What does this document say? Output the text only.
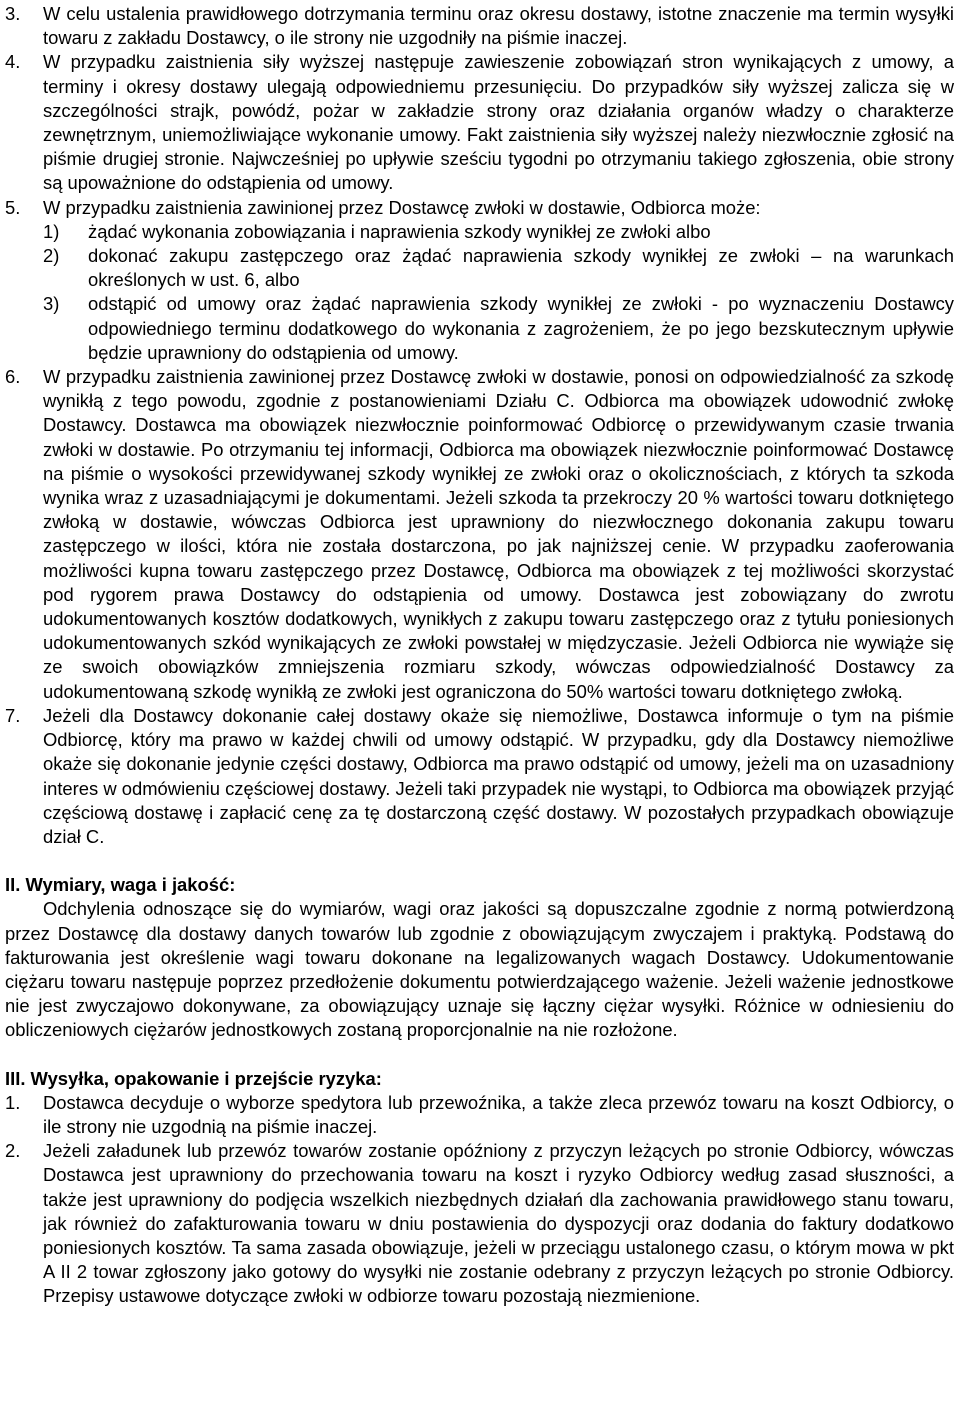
3.	W celu ustalenia prawidłowego dotrzymania terminu oraz okresu dostawy, istotne znaczenie ma termin wysyłki towaru z zakładu Dostawcy, o ile strony nie uzgodniły na piśmie inaczej.
4.	W przypadku zaistnienia siły wyższej następuje zawieszenie zobowiązań stron wynikających z umowy, a terminy i okresy dostawy ulegają odpowiedniemu przesunięciu. Do przypadków siły wyższej zalicza się w szczególności strajk, powódź, pożar w zakładzie strony oraz działania organów władzy o charakterze zewnętrznym, uniemożliwiające wykonanie umowy. Fakt zaistnienia siły wyższej należy niezwłocznie zgłosić na piśmie drugiej stronie. Najwcześniej po upływie sześciu tygodni po otrzymaniu takiego zgłoszenia, obie strony są upoważnione do odstąpienia od umowy.
5.	W przypadku zaistnienia zawinionej przez Dostawcę zwłoki w dostawie, Odbiorca może:
1)	żądać wykonania zobowiązania i naprawienia szkody wynikłej ze zwłoki albo
2)	dokonać zakupu zastępczego oraz żądać naprawienia szkody wynikłej ze zwłoki – na warunkach określonych w ust. 6, albo
3)	odstąpić od umowy oraz żądać naprawienia szkody wynikłej ze zwłoki - po wyznaczeniu Dostawcy odpowiedniego terminu dodatkowego do wykonania z zagrożeniem, że po jego bezskutecznym upływie będzie uprawniony do odstąpienia od umowy.
6.	W przypadku zaistnienia zawinionej przez Dostawcę zwłoki w dostawie, ponosi on odpowiedzialność za szkodę wynikłą z tego powodu, zgodnie z postanowieniami Działu C. Odbiorca ma obowiązek udowodnić zwłokę Dostawcy. Dostawca ma obowiązek niezwłocznie poinformować Odbiorcę o przewidywanym czasie trwania zwłoki w dostawie. Po otrzymaniu tej informacji, Odbiorca ma obowiązek niezwłocznie poinformować Dostawcę na piśmie o wysokości przewidywanej szkody wynikłej ze zwłoki oraz o okolicznościach, z których ta szkoda wynika wraz z uzasadniającymi je dokumentami. Jeżeli szkoda ta przekroczy 20 % wartości towaru dotkniętego zwłoką w dostawie, wówczas Odbiorca jest uprawniony do niezwłocznego dokonania zakupu towaru zastępczego w ilości, która nie została dostarczona, po jak najniższej cenie. W przypadku zaoferowania możliwości kupna towaru zastępczego przez Dostawcę, Odbiorca ma obowiązek z tej możliwości skorzystać pod rygorem prawa Dostawcy do odstąpienia od umowy. Dostawca jest zobowiązany do zwrotu udokumentowanych kosztów dodatkowych, wynikłych z zakupu towaru zastępczego oraz z tytułu poniesionych udokumentowanych szkód wynikających ze zwłoki powstałej w międzyczasie. Jeżeli Odbiorca nie wywiąże się ze swoich obowiązków zmniejszenia rozmiaru szkody, wówczas odpowiedzialność Dostawcy za udokumentowaną szkodę wynikłą ze zwłoki jest ograniczona do 50% wartości towaru dotkniętego zwłoką.
7.	Jeżeli dla Dostawcy dokonanie całej dostawy okaże się niemożliwe, Dostawca informuje o tym na piśmie Odbiorcę, który ma prawo w każdej chwili od umowy odstąpić. W przypadku, gdy dla Dostawcy niemożliwe okaże się dokonanie jedynie części dostawy, Odbiorca ma prawo odstąpić od umowy, jeżeli ma on uzasadniony interes w odmówieniu częściowej dostawy. Jeżeli taki przypadek nie wystąpi, to Odbiorca ma obowiązek przyjąć częściową dostawę i zapłacić cenę za tę dostarczoną część dostawy. W pozostałych przypadkach obowiązuje dział C.

II. Wymiary, waga i jakość:

Odchylenia odnoszące się do wymiarów, wagi oraz jakości są dopuszczalne zgodnie z normą potwierdzoną przez Dostawcę dla dostawy danych towarów lub zgodnie z obowiązującym zwyczajem i praktyką. Podstawą do fakturowania jest określenie wagi towaru dokonane na legalizowanych wagach Dostawcy. Udokumentowanie ciężaru towaru następuje poprzez przedłożenie dokumentu potwierdzającego ważenie. Jeżeli ważenie jednostkowe nie jest zwyczajowo dokonywane, za obowiązujący uznaje się łączny ciężar wysyłki. Różnice w odniesieniu do obliczeniowych ciężarów jednostkowych zostaną proporcjonalnie na nie rozłożone.

III. Wysyłka, opakowanie i przejście ryzyka:

1.	Dostawca decyduje o wyborze spedytora lub przewoźnika, a także zleca przewóz towaru na koszt Odbiorcy, o ile strony nie uzgodnią na piśmie inaczej.
2.	Jeżeli załadunek lub przewóz towarów zostanie opóźniony z przyczyn leżących po stronie Odbiorcy, wówczas Dostawca jest uprawniony do przechowania towaru na koszt i ryzyko Odbiorcy według zasad słuszności, a także jest uprawniony do podjęcia wszelkich niezbędnych działań dla zachowania prawidłowego stanu towaru, jak również do zafakturowania towaru w dniu postawienia do dyspozycji oraz dodania do faktury dodatkowo poniesionych kosztów. Ta sama zasada obowiązuje, jeżeli w przeciągu ustalonego czasu, o którym mowa w pkt A II 2 towar zgłoszony jako gotowy do wysyłki nie zostanie odebrany z przyczyn leżących po stronie Odbiorcy. Przepisy ustawowe dotyczące zwłoki w odbiorze towaru pozostają niezmienione.
